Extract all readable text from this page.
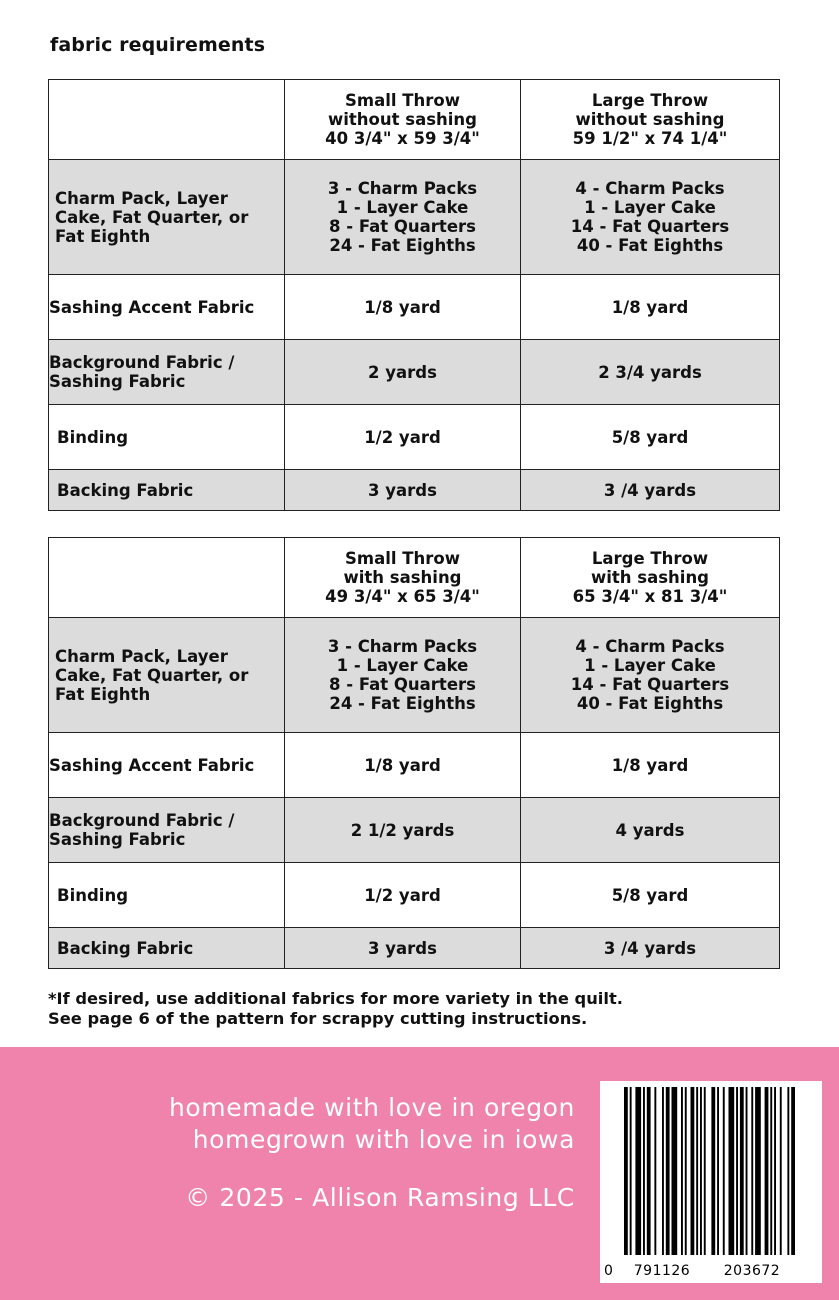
fabric requirements
	Small Throw
without sashing
40 3/4" x 59 3/4"	Large Throw
without sashing
59 1/2" x 74 1/4"

Charm Pack, Layer
Cake, Fat Quarter, or
Fat Eighth	3 - Charm Packs
1 - Layer Cake
8 - Fat Quarters
24 - Fat Eighths	4 - Charm Packs
1 - Layer Cake
14 - Fat Quarters
40 - Fat Eighths
Sashing Accent Fabric	1/8 yard	1/8 yard

Background Fabric /
Sashing Fabric	2 yards	2 3/4 yards
Binding	1/2 yard	5/8 yard
Backing Fabric	3 yards	3 /4 yards
	Small Throw
with sashing
49 3/4" x 65 3/4"	Large Throw
with sashing
65 3/4" x 81 3/4"

Charm Pack, Layer
Cake, Fat Quarter, or
Fat Eighth	3 - Charm Packs
1 - Layer Cake
8 - Fat Quarters
24 - Fat Eighths	4 - Charm Packs
1 - Layer Cake
14 - Fat Quarters
40 - Fat Eighths
Sashing Accent Fabric	1/8 yard	1/8 yard

Background Fabric /
Sashing Fabric	2 1/2 yards	4 yards
Binding	1/2 yard	5/8 yard
Backing Fabric	3 yards	3 /4 yards
*If desired, use additional fabrics for more variety in the quilt.
See page 6 of the pattern for scrappy cutting instructions.
homemade with love in oregon
homegrown with love in iowa
© 2025 - Allison Ramsing LLC
0 791126 203672
